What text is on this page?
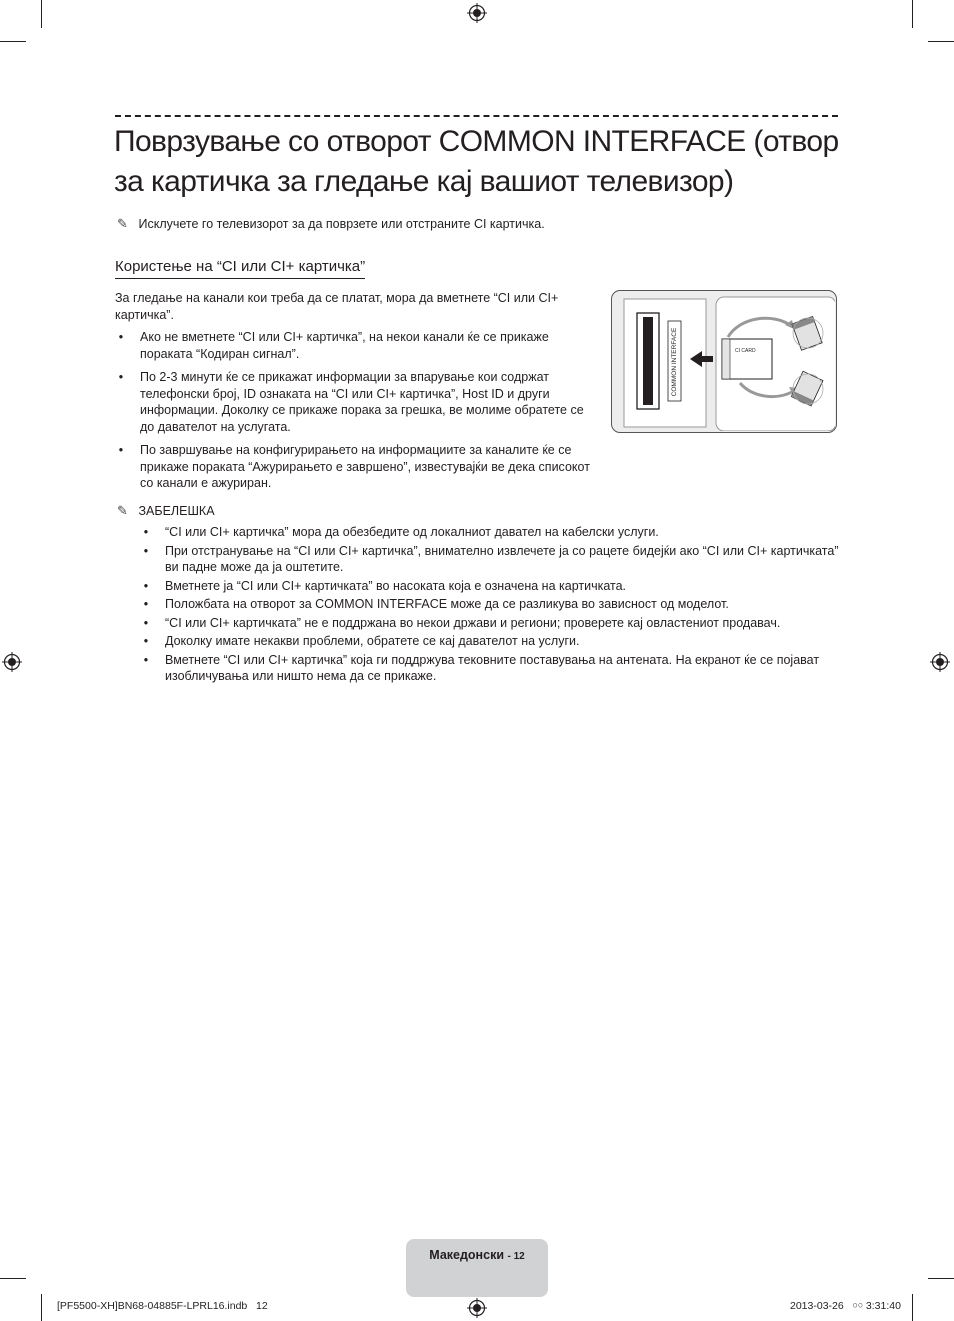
Поврзување со отворот COMMON INTERFACE (отвор за картичка за гледање кај вашиот телевизор)
✎ Исклучете го телевизорот за да поврзете или отстраните CI картичка.
Користење на “CI или CI+ картичка”
За гледање на канали кои треба да се платат, мора да вметнете “CI или CI+ картичка”.
• Ако не вметнете “CI или CI+ картичка”, на некои канали ќе се прикаже пораката “Кодиран сигнал”.
• По 2-3 минути ќе се прикажат информации за впарување кои содржат телефонски број, ID ознаката на “CI или CI+ картичка”, Host ID и други информации. Доколку се прикаже порака за грешка, ве молиме обратете се до давателот на услугата.
• По завршување на конфигурирањето на информациите за каналите ќе се прикаже пораката “Ажурирањето е завршено”, известувајќи ве дека списокот со канали е ажуриран.
COMMON INTERFACE	CI CARD
✎ ЗАБЕЛЕШКА
• “CI или CI+ картичка” мора да обезбедите од локалниот давател на кабелски услуги.
• При отстранување на “CI или CI+ картичка”, внимателно извлечете ја со рацете бидејќи ако “CI или CI+ картичката” ви падне може да ја оштетите.
• Вметнете ја “CI или CI+ картичката” во насоката која е означена на картичката.
• Положбата на отворот за COMMON INTERFACE може да се разликува во зависност од моделот.
• “CI или CI+ картичката” не е поддржана во некои држави и региони; проверете кај овластениот продавач.
• Доколку имате некакви проблеми, обратете се кај давателот на услуги.
• Вметнете “CI или CI+ картичка” која ги поддржува тековните поставувања на антената. На екранот ќе се појават изобличувања или ништо нема да се прикаже.
Македонски - 12
[PF5500-XH]BN68-04885F-LPRL16.indb   12	2013-03-26   ￮￮ 3:31:40
